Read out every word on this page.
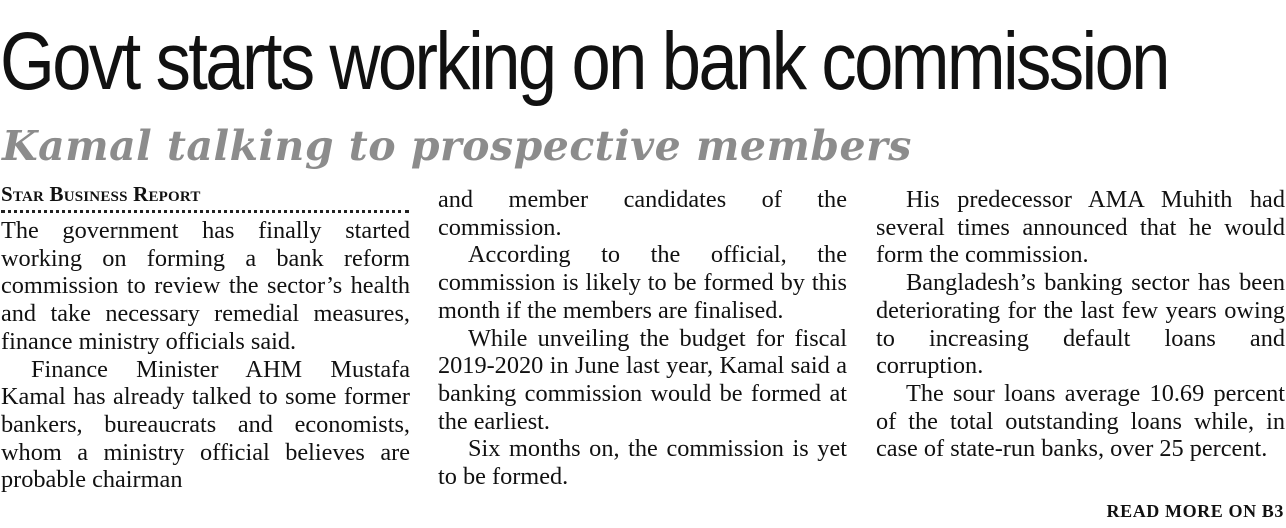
Govt starts working on bank commission
Kamal talking to prospective members
Star Business Report

The government has finally started working on forming a bank reform commission to review the sector’s health and take necessary remedial measures, finance ministry officials said.

Finance Minister AHM Mustafa Kamal has already talked to some former bankers, bureaucrats and economists, whom a ministry official believes are probable chairman

and member candidates of the commission.

According to the official, the commission is likely to be formed by this month if the members are finalised.

While unveiling the budget for fiscal 2019-2020 in June last year, Kamal said a banking commission would be formed at the earliest.

Six months on, the commission is yet to be formed.

His predecessor AMA Muhith had several times announced that he would form the commission.

Bangladesh’s banking sector has been deteriorating for the last few years owing to increasing default loans and corruption.

The sour loans average 10.69 percent of the total outstanding loans while, in case of state-run banks, over 25 percent.

READ MORE ON B3
